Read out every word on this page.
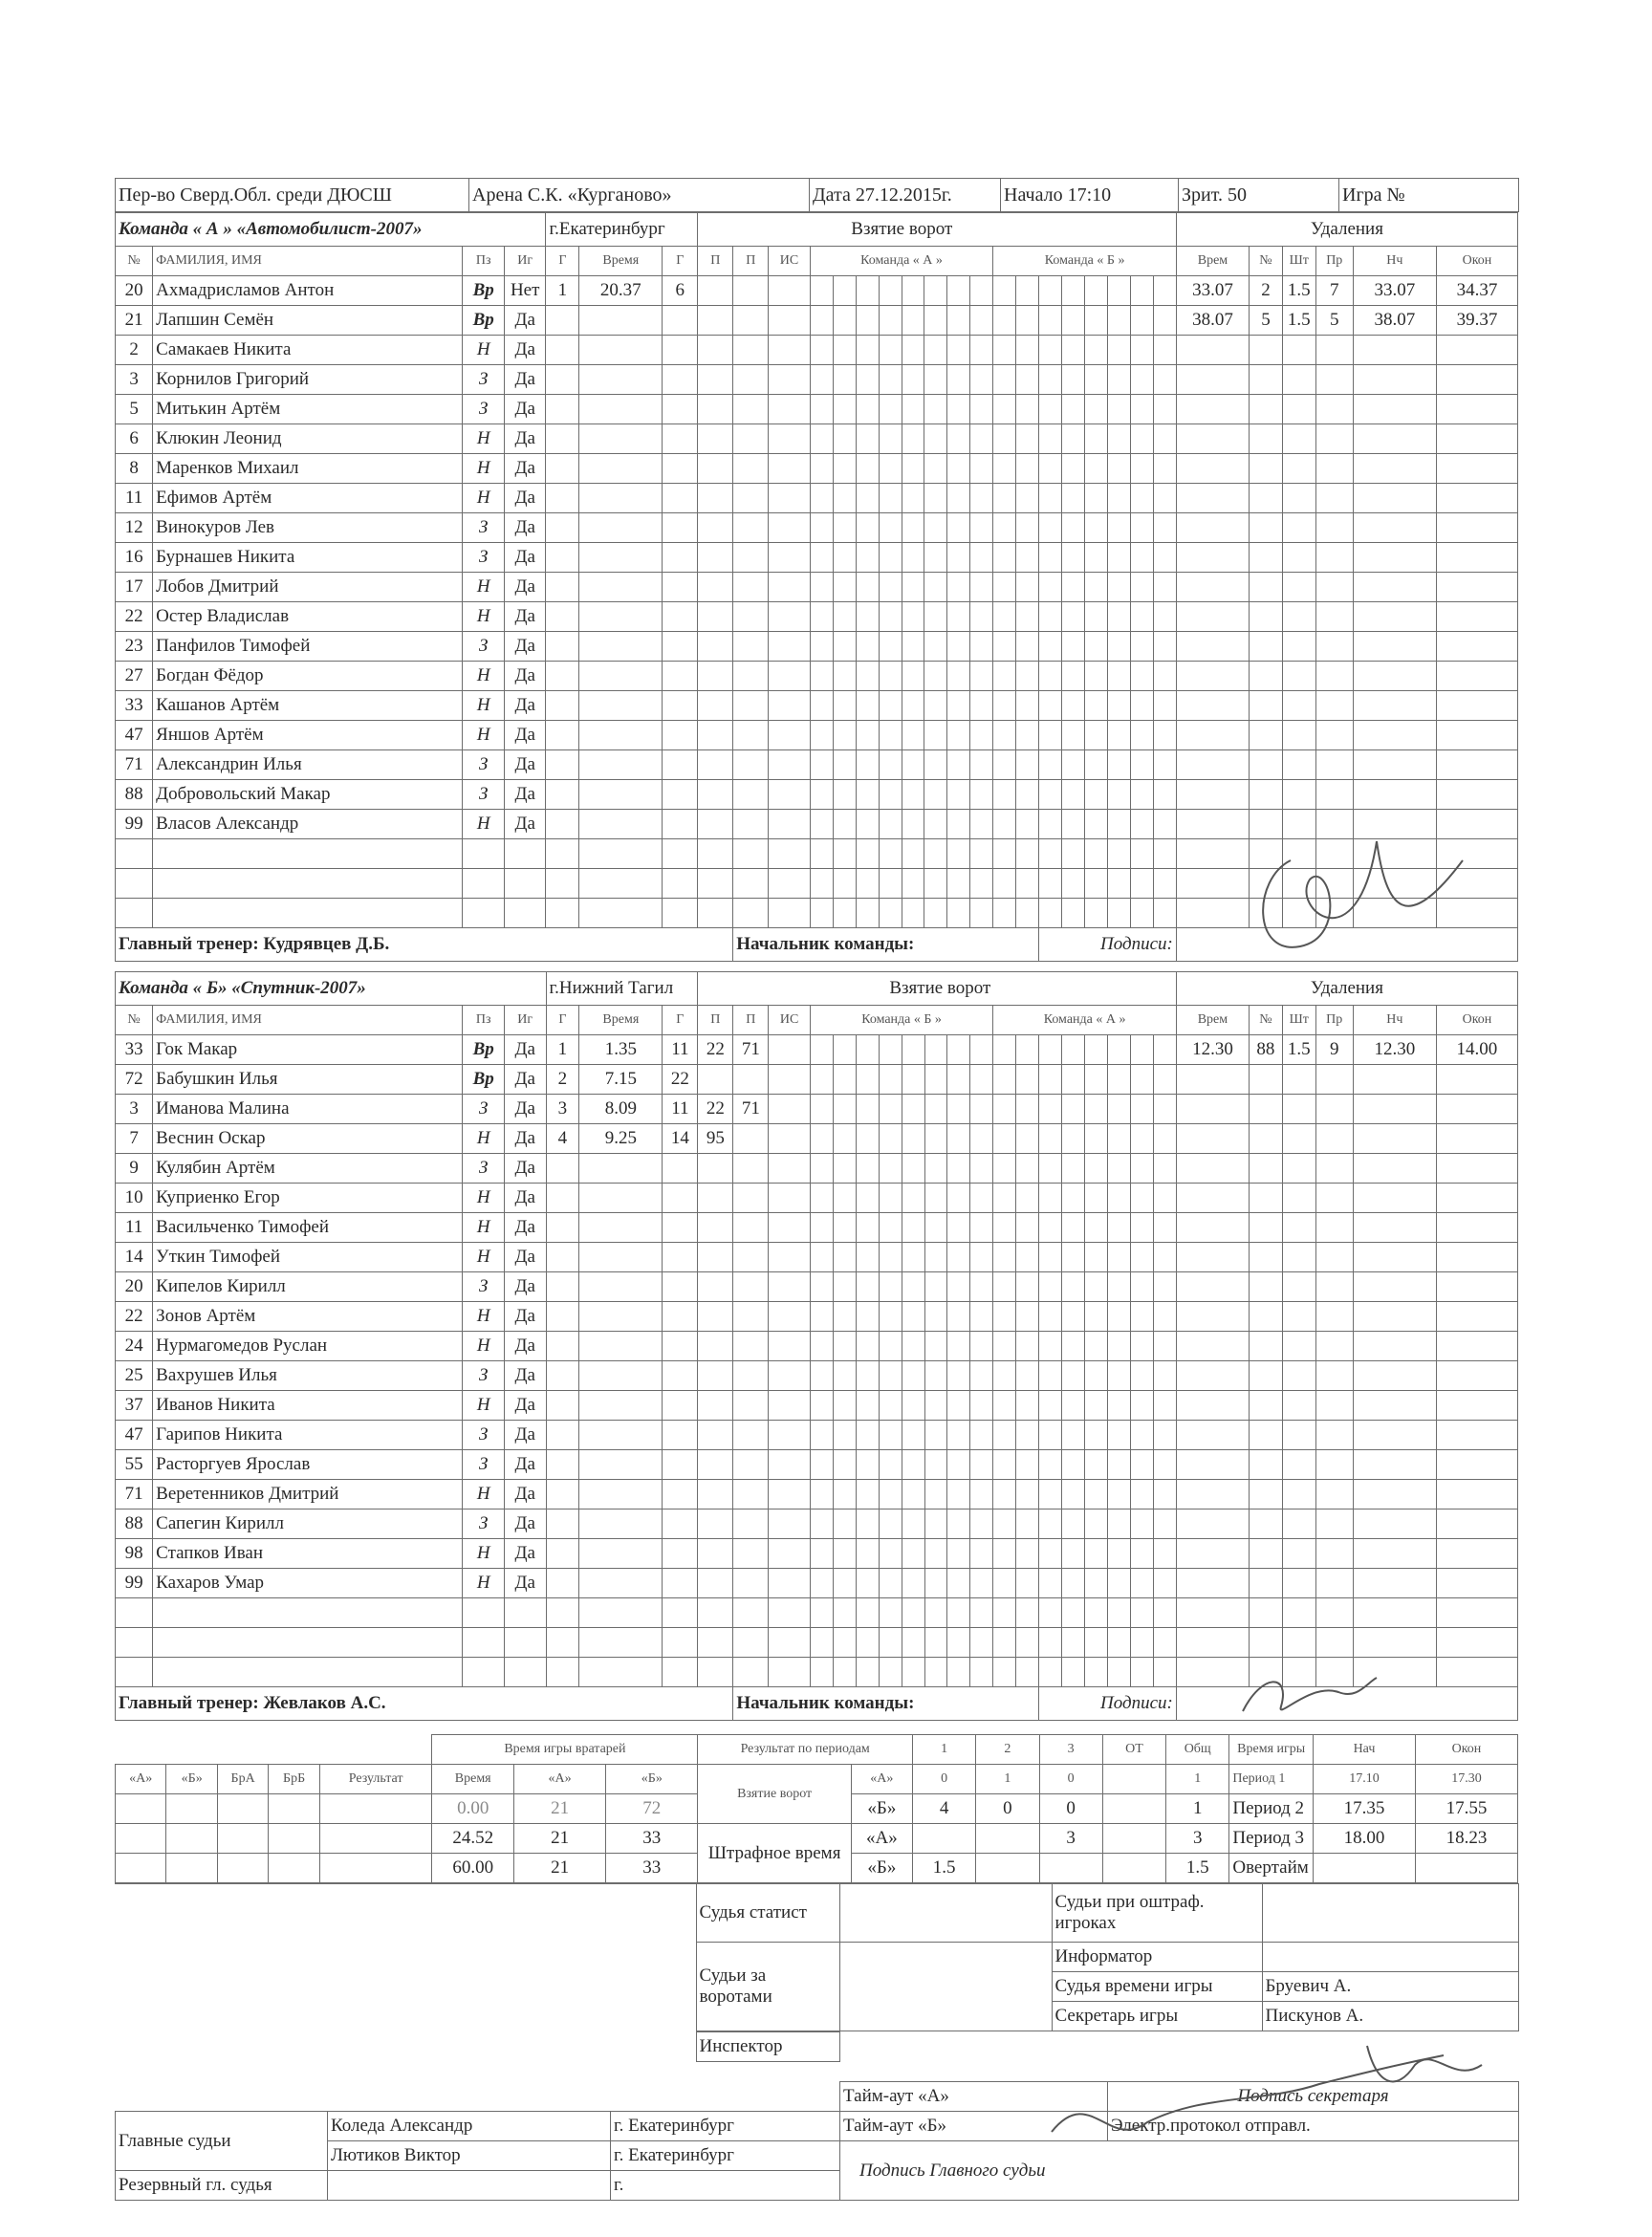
Пер-во Сверд.Обл. среди ДЮСШ	Арена С.К. «Курганово»	Дата 27.12.2015г.	Начало 17:10	Зрит. 50	Игра №
Команда « А » «Автомобилист-2007»				г.Екатеринбург			Взятие ворот																			Удаления					
№	ФАМИЛИЯ, ИМЯ	Пз	Иг	Г	Время	Г	П	П	ИС	Команда « А »								Команда « Б »								Врем	№	Шт	Пр	Нч	Окон
20	Ахмадрисламов Антон	Вр	Нет	1	20.37	6																				33.07	2	1.5	7	33.07	34.37
21	Лапшин Семён	Вр	Да																							38.07	5	1.5	5	38.07	39.37
2	Самакаев Никита	Н	Да																												
3	Корнилов Григорий	З	Да																												
5	Митькин Артём	З	Да																												
6	Клюкин Леонид	Н	Да																												
8	Маренков Михаил	Н	Да																												
11	Ефимов Артём	Н	Да																												
12	Винокуров Лев	З	Да																												
16	Бурнашев Никита	З	Да																												
17	Лобов Дмитрий	Н	Да																												
22	Остер Владислав	Н	Да																												
23	Панфилов Тимофей	З	Да																												
27	Богдан Фёдор	Н	Да																												
33	Кашанов Артём	Н	Да																												
47	Яншов Артём	Н	Да																												
71	Александрин Илья	З	Да																												
88	Добровольский Макар	З	Да																												
99	Власов Александр	Н	Да																												

Главный тренер: Кудрявцев Д.Б.								Начальник команды:												Подписи:											
Команда « Б» «Спутник-2007»				г.Нижний Тагил			Взятие ворот																			Удаления					
№	ФАМИЛИЯ, ИМЯ	Пз	Иг	Г	Время	Г	П	П	ИС	Команда « Б »								Команда « А »								Врем	№	Шт	Пр	Нч	Окон
33	Гок Макар	Вр	Да	1	1.35	11	22	71																		12.30	88	1.5	9	12.30	14.00
72	Бабушкин Илья	Вр	Да	2	7.15	22																									
3	Иманова Малина	З	Да	3	8.09	11	22	71																							
7	Веснин Оскар	Н	Да	4	9.25	14	95																								
9	Кулябин Артём	З	Да																												
10	Куприенко Егор	Н	Да																												
11	Васильченко Тимофей	Н	Да																												
14	Уткин Тимофей	Н	Да																												
20	Кипелов Кирилл	З	Да																												
22	Зонов Артём	Н	Да																												
24	Нурмагомедов Руслан	Н	Да																												
25	Вахрушев Илья	З	Да																												
37	Иванов Никита	Н	Да																												
47	Гарипов Никита	З	Да																												
55	Расторгуев Ярослав	З	Да																												
71	Веретенников Дмитрий	Н	Да																												
88	Сапегин Кирилл	З	Да																												
98	Стапков Иван	Н	Да																												
99	Кахаров Умар	Н	Да																												

Главный тренер: Жевлаков А.С.								Начальник команды:												Подписи:											
					Время игры вратарей			Результат по периодам		1	2	3	ОТ	Общ	Время игры	Нач	Окон
«А»	«Б»	БрА	БрБ	Результат	Время	«А»	«Б»	Взятие ворот	«А»	0	1	0		1	Период 1	17.10	17.30
					0.00	21	72		«Б»	4	0	0		1	Период 2	17.35	17.55
					24.52	21	33	Штрафное время	«А»			3		3	Период 3	18.00	18.23
					60.00	21	33		«Б»	1.5				1.5	Овертайм		
	Судья статист		Судьи при оштраф. игроках	
	Судьи за воротами		Информатор	
			Судья времени игры	Бруевич А.
			Секретарь игры	Пискунов А.
	Инспектор	
			Тайм-аут «А»	Подпись секретаря
Главные судьи	Коледа Александр	г. Екатеринбург	Тайм-аут «Б»	Электр.протокол отправл.
	Лютиков Виктор	г. Екатеринбург	Подпись Главного судьи	
Резервный гл. судья		г.		
